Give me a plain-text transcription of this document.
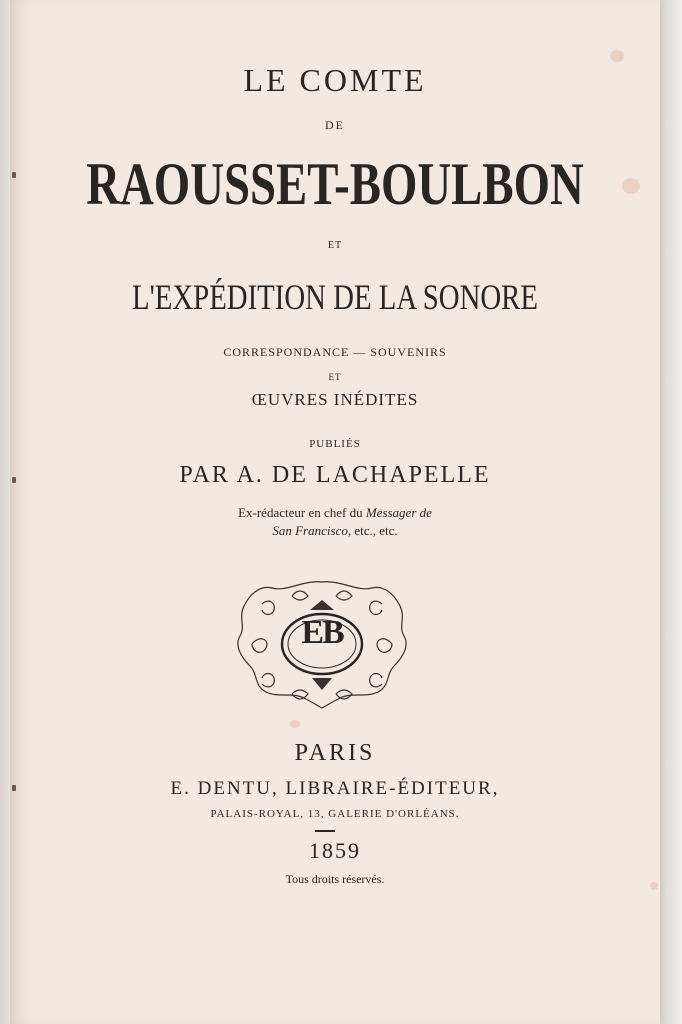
LE COMTE
DE
RAOUSSET-BOULBON
ET
L'EXPÉDITION DE LA SONORE
CORRESPONDANCE — SOUVENIRS
ET
ŒUVRES INÉDITES
PUBLIÉS
PAR A. DE LACHAPELLE
Ex-rédacteur en chef du Messager de
San Francisco, etc., etc.
EB
PARIS
E. DENTU, LIBRAIRE-ÉDITEUR,
PALAIS-ROYAL, 13, GALERIE D'ORLÉANS.
1859
Tous droits réservés.
